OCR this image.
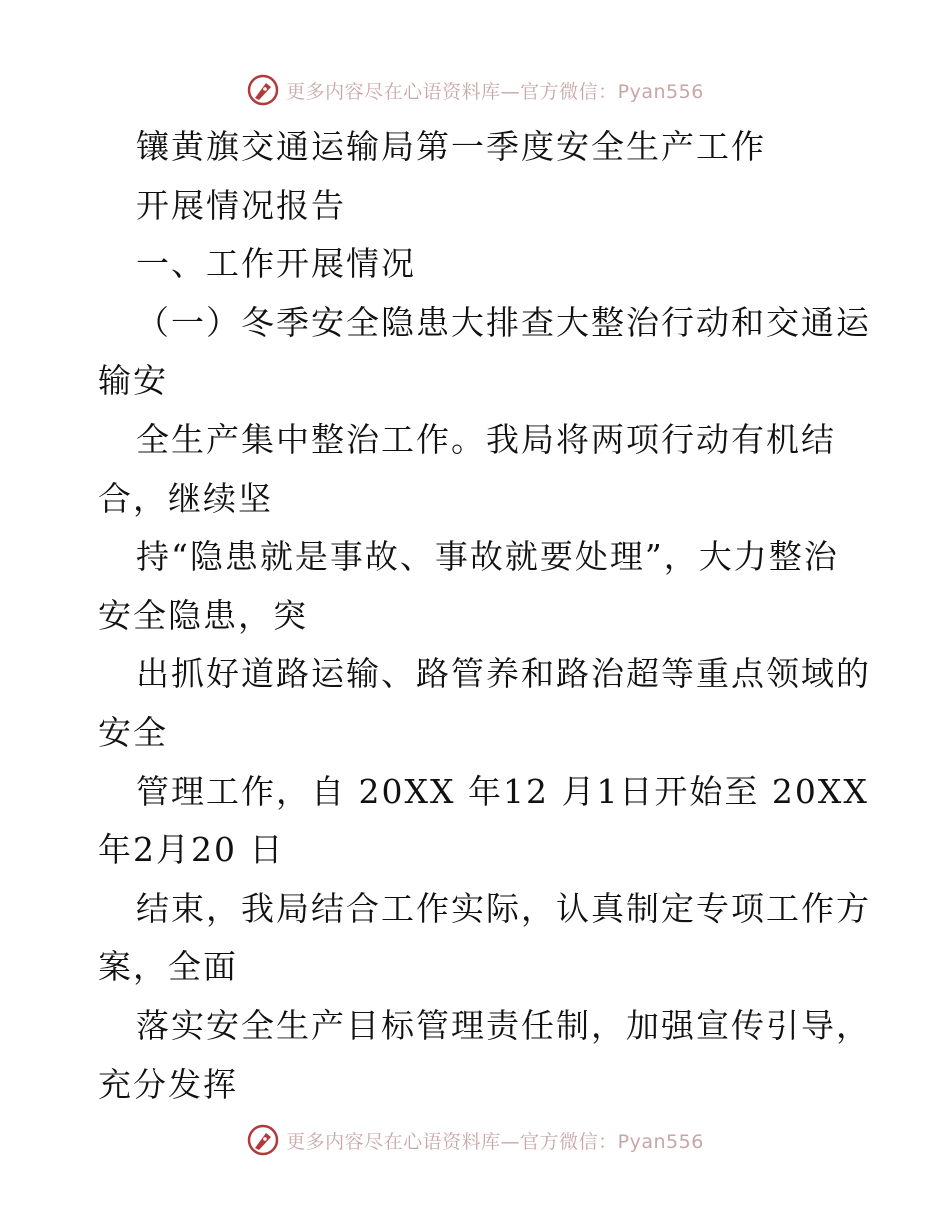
更多内容尽在心语资料库—官方微信：Pyan556
镶黄旗交通运输局第一季度安全生产工作
开展情况报告
一、工作开展情况
（一）冬季安全隐患大排查大整治行动和交通运
输安
全生产集中整治工作。我局将两项行动有机结
合，继续坚
持“隐患就是事故、事故就要处理”，大力整治
安全隐患，突
出抓好道路运输、路管养和路治超等重点领域的
安全
管理工作，自 20XX 年12 月1日开始至 20XX
年2月20 日
结束，我局结合工作实际，认真制定专项工作方
案，全面
落实安全生产目标管理责任制，加强宣传引导，
充分发挥
更多内容尽在心语资料库—官方微信：Pyan556
